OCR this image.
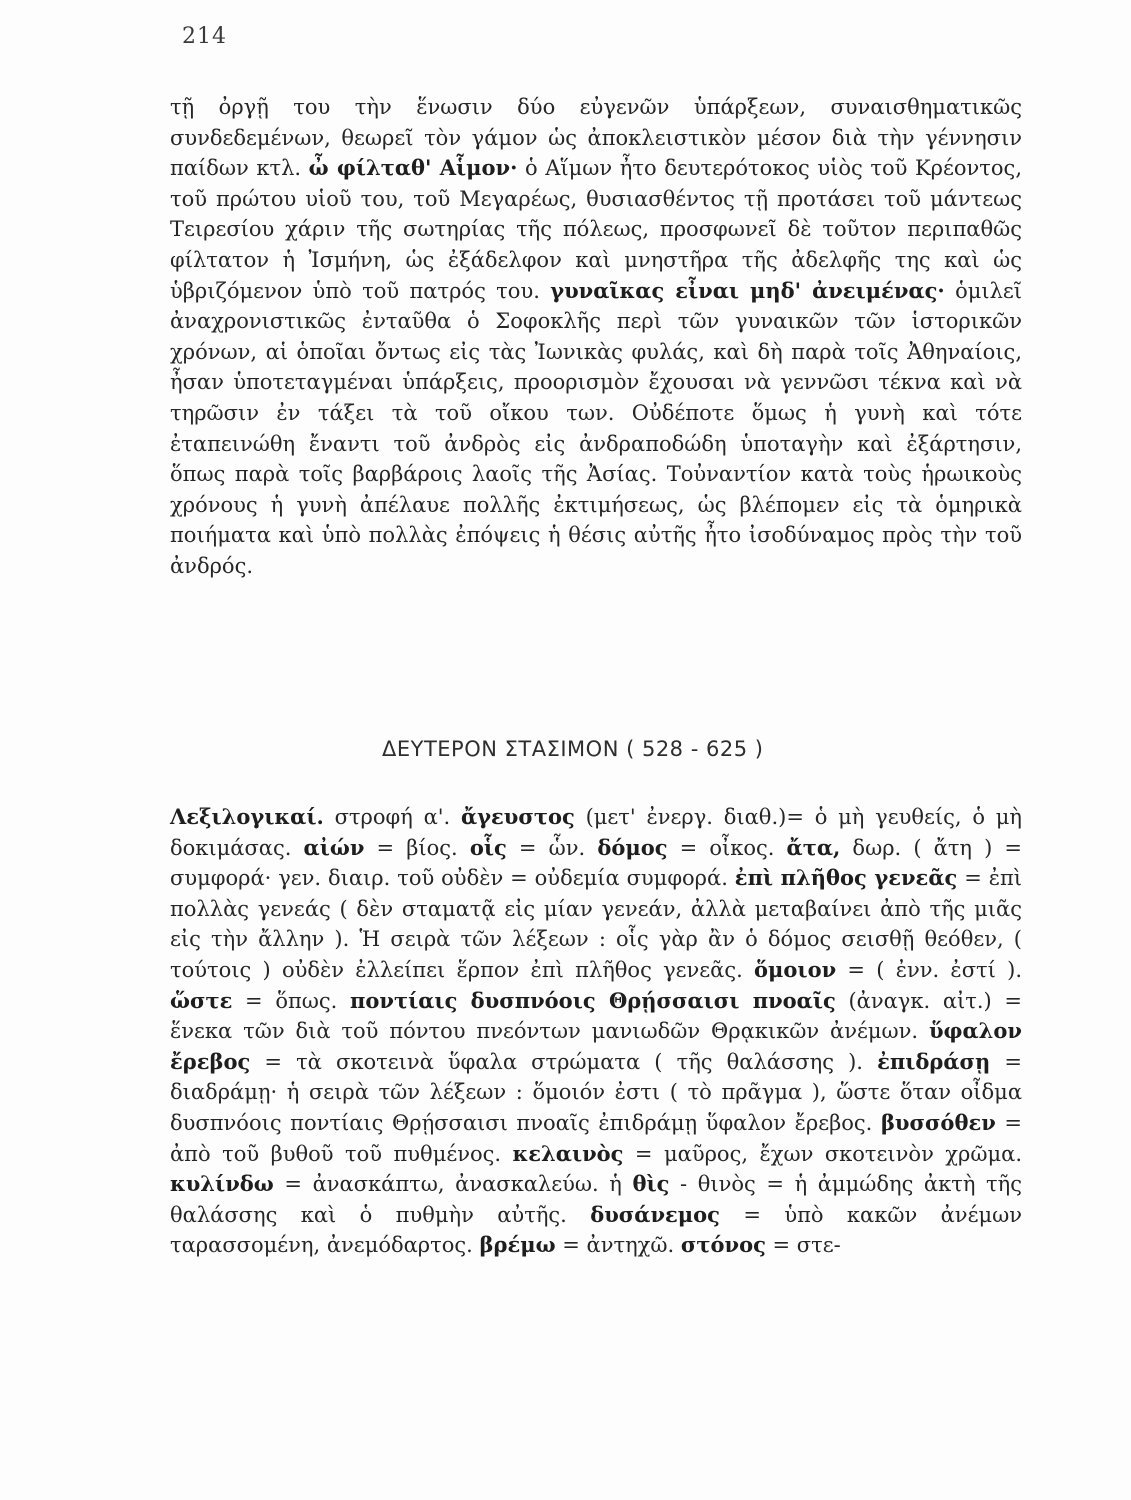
214

τῇ ὀργῇ του τὴν ἕνωσιν δύο εὐγενῶν ὑπάρξεων, συναισθηματικῶς συνδεδεμένων, θεωρεῖ τὸν γάμον ὡς ἀποκλειστικὸν μέσον διὰ τὴν γέννησιν παίδων κτλ. ὦ φίλταθ' Αἷμον· ὁ Αἵμων ἦτο δευτερότοκος υἱὸς τοῦ Κρέοντος, τοῦ πρώτου υἱοῦ του, τοῦ Μεγαρέως, θυσιασθέντος τῇ προτάσει τοῦ μάντεως Τειρεσίου χάριν τῆς σωτηρίας τῆς πόλεως, προσφωνεῖ δὲ τοῦτον περιπαθῶς φίλτατον ἡ Ἰσμήνη, ὡς ἐξάδελφον καὶ μνηστῆρα τῆς ἀδελφῆς της καὶ ὡς ὑβριζόμενον ὑπὸ τοῦ πατρός του. γυναῖκας εἶναι μηδ' ἀνειμένας· ὁμιλεῖ ἀναχρονιστικῶς ἐνταῦθα ὁ Σοφοκλῆς περὶ τῶν γυναικῶν τῶν ἱστορικῶν χρόνων, αἱ ὁποῖαι ὄντως εἰς τὰς Ἰωνικὰς φυλάς, καὶ δὴ παρὰ τοῖς Ἀθηναίοις, ἦσαν ὑποτεταγμέναι ὑπάρξεις, προορισμὸν ἔχουσαι νὰ γεννῶσι τέκνα καὶ νὰ τηρῶσιν ἐν τάξει τὰ τοῦ οἴκου των. Οὐδέποτε ὅμως ἡ γυνὴ καὶ τότε ἐταπεινώθη ἔναντι τοῦ ἀνδρὸς εἰς ἀνδραποδώδη ὑποταγὴν καὶ ἐξάρτησιν, ὅπως παρὰ τοῖς βαρβάροις λαοῖς τῆς Ἀσίας. Τοὐναντίον κατὰ τοὺς ἡρωικοὺς χρόνους ἡ γυνὴ ἀπέλαυε πολλῆς ἐκτιμήσεως, ὡς βλέπομεν εἰς τὰ ὁμηρικὰ ποιήματα καὶ ὑπὸ πολλὰς ἐπόψεις ἡ θέσις αὐτῆς ἦτο ἰσοδύναμος πρὸς τὴν τοῦ ἀνδρός.

ΔΕΥΤΕΡΟΝ ΣΤΑΣΙΜΟΝ ( 528 - 625 )

Λεξιλογικαί. στροφή α'. ἄγευστος (μετ' ἐνεργ. διαθ.)= ὁ μὴ γευθείς, ὁ μὴ δοκιμάσας. αἰών = βίος. οἷς = ὧν. δόμος = οἶκος. ἄτα, δωρ. ( ἄτη ) = συμφορά· γεν. διαιρ. τοῦ οὐδὲν = οὐδεμία συμφορά. ἐπὶ πλῆθος γενεᾶς = ἐπὶ πολλὰς γενεάς ( δὲν σταματᾷ εἰς μίαν γενεάν, ἀλλὰ μεταβαίνει ἀπὸ τῆς μιᾶς εἰς τὴν ἄλλην ). Ἡ σειρὰ τῶν λέξεων : οἷς γὰρ ἂν ὁ δόμος σεισθῇ θεόθεν, ( τούτοις ) οὐδὲν ἐλλείπει ἕρπον ἐπὶ πλῆθος γενεᾶς. ὅμοιον = ( ἐνν. ἐστί ). ὥστε = ὅπως. ποντίαις δυσπνόοις Θρῄσσαισι πνοαῖς (ἀναγκ. αἰτ.) = ἕνεκα τῶν διὰ τοῦ πόντου πνεόντων μανιωδῶν Θρᾳκικῶν ἀνέμων. ὕφαλον ἔρεβος = τὰ σκοτεινὰ ὕφαλα στρώματα ( τῆς θαλάσσης ). ἐπιδράσῃ = διαδράμῃ· ἡ σειρὰ τῶν λέξεων : ὅμοιόν ἐστι ( τὸ πρᾶγμα ), ὥστε ὅταν οἶδμα δυσπνόοις ποντίαις Θρῄσσαισι πνοαῖς ἐπιδράμῃ ὕφαλον ἔρεβος. βυσσόθεν = ἀπὸ τοῦ βυθοῦ τοῦ πυθμένος. κελαινὸς = μαῦρος, ἔχων σκοτεινὸν χρῶμα. κυλίνδω = ἀνασκάπτω, ἀνασκαλεύω. ἡ θὶς - θινὸς = ἡ ἀμμώδης ἀκτὴ τῆς θαλάσσης καὶ ὁ πυθμὴν αὐτῆς. δυσάνεμος = ὑπὸ κακῶν ἀνέμων ταρασσομένη, ἀνεμόδαρτος. βρέμω = ἀντηχῶ. στόνος = στε-
